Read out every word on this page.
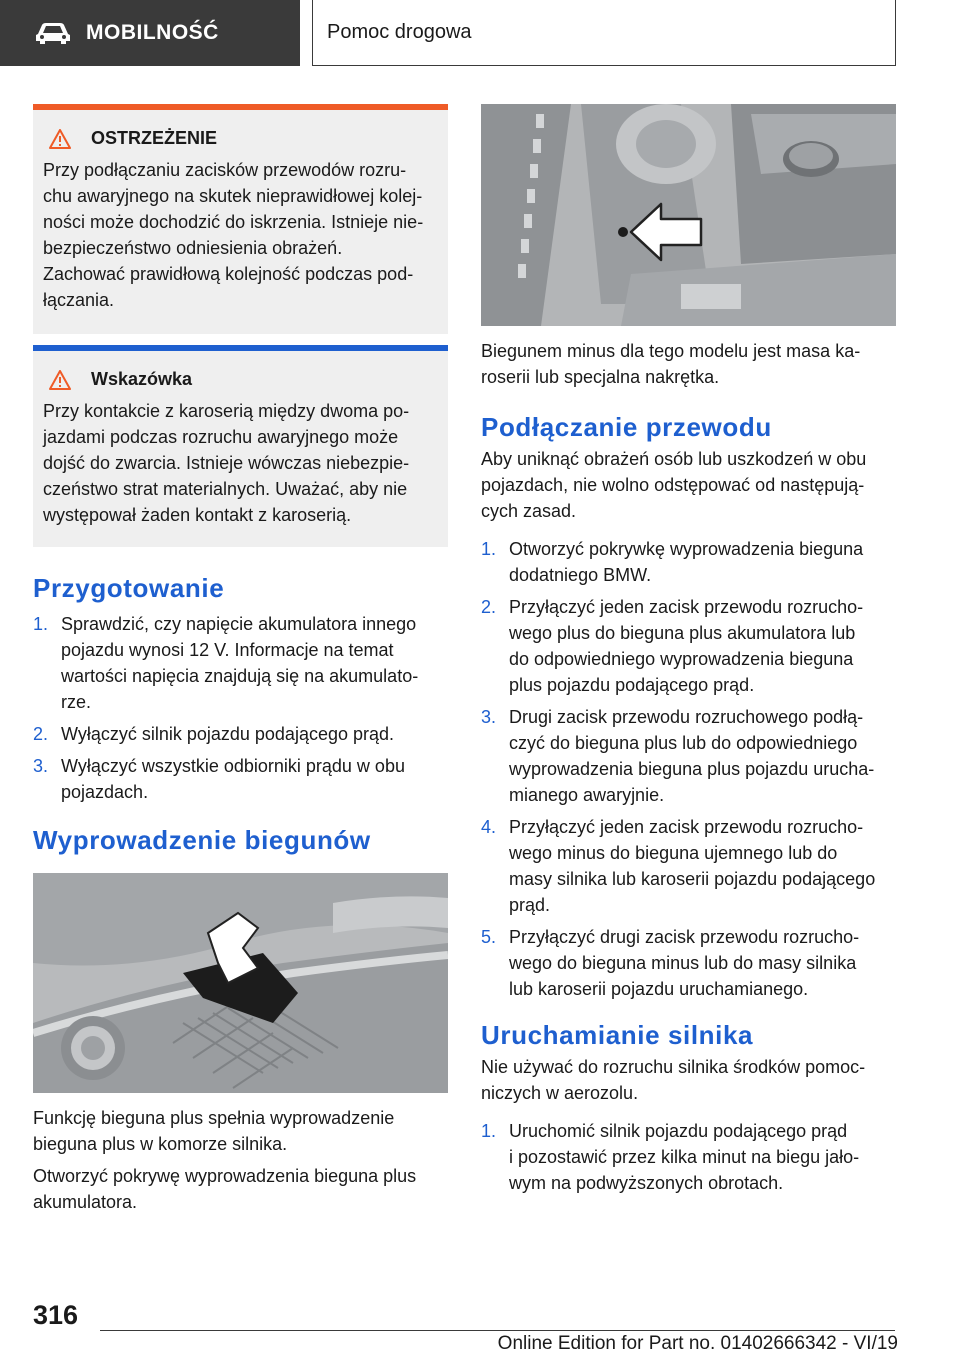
MOBILNOŚĆ	Pomoc drogowa
OSTRZEŻENIE
Przy podłączaniu zacisków przewodów rozru-
chu awaryjnego na skutek nieprawidłowej kolej-
ności może dochodzić do iskrzenia. Istnieje nie-
bezpieczeństwo odniesienia obrażeń.
Zachować prawidłową kolejność podczas pod-
łączania.
Wskazówka
Przy kontakcie z karoserią między dwoma po-
jazdami podczas rozruchu awaryjnego może
dojść do zwarcia. Istnieje wówczas niebezpie-
czeństwo strat materialnych. Uważać, aby nie
występował żaden kontakt z karoserią.
Przygotowanie
1. Sprawdzić, czy napięcie akumulatora innego
pojazdu wynosi 12 V. Informacje na temat
wartości napięcia znajdują się na akumulato-
rze.
2. Wyłączyć silnik pojazdu podającego prąd.
3. Wyłączyć wszystkie odbiorniki prądu w obu
pojazdach.
Wyprowadzenie biegunów

Funkcję bieguna plus spełnia wyprowadzenie

bieguna plus w komorze silnika.

Otworzyć pokrywę wyprowadzenia bieguna plus

akumulatora.

Biegunem minus dla tego modelu jest masa ka-

roserii lub specjalna nakrętka.

Podłączanie przewodu

Aby uniknąć obrażeń osób lub uszkodzeń w obu

pojazdach, nie wolno odstępować od następują-

cych zasad.

1. Otworzyć pokrywkę wyprowadzenia bieguna
dodatniego BMW.
2. Przyłączyć jeden zacisk przewodu rozrucho-
wego plus do bieguna plus akumulatora lub
do odpowiedniego wyprowadzenia bieguna
plus pojazdu podającego prąd.
3. Drugi zacisk przewodu rozruchowego podłą-
czyć do bieguna plus lub do odpowiedniego
wyprowadzenia bieguna plus pojazdu urucha-
mianego awaryjnie.
4. Przyłączyć jeden zacisk przewodu rozrucho-
wego minus do bieguna ujemnego lub do
masy silnika lub karoserii pojazdu podającego
prąd.
5. Przyłączyć drugi zacisk przewodu rozrucho-
wego do bieguna minus lub do masy silnika
lub karoserii pojazdu uruchamianego.
Uruchamianie silnika

Nie używać do rozruchu silnika środków pomoc-

niczych w aerozolu.

1. Uruchomić silnik pojazdu podającego prąd
i pozostawić przez kilka minut na biegu jało-
wym na podwyższonych obrotach.
316
Online Edition for Part no. 01402666342 - VI/19
